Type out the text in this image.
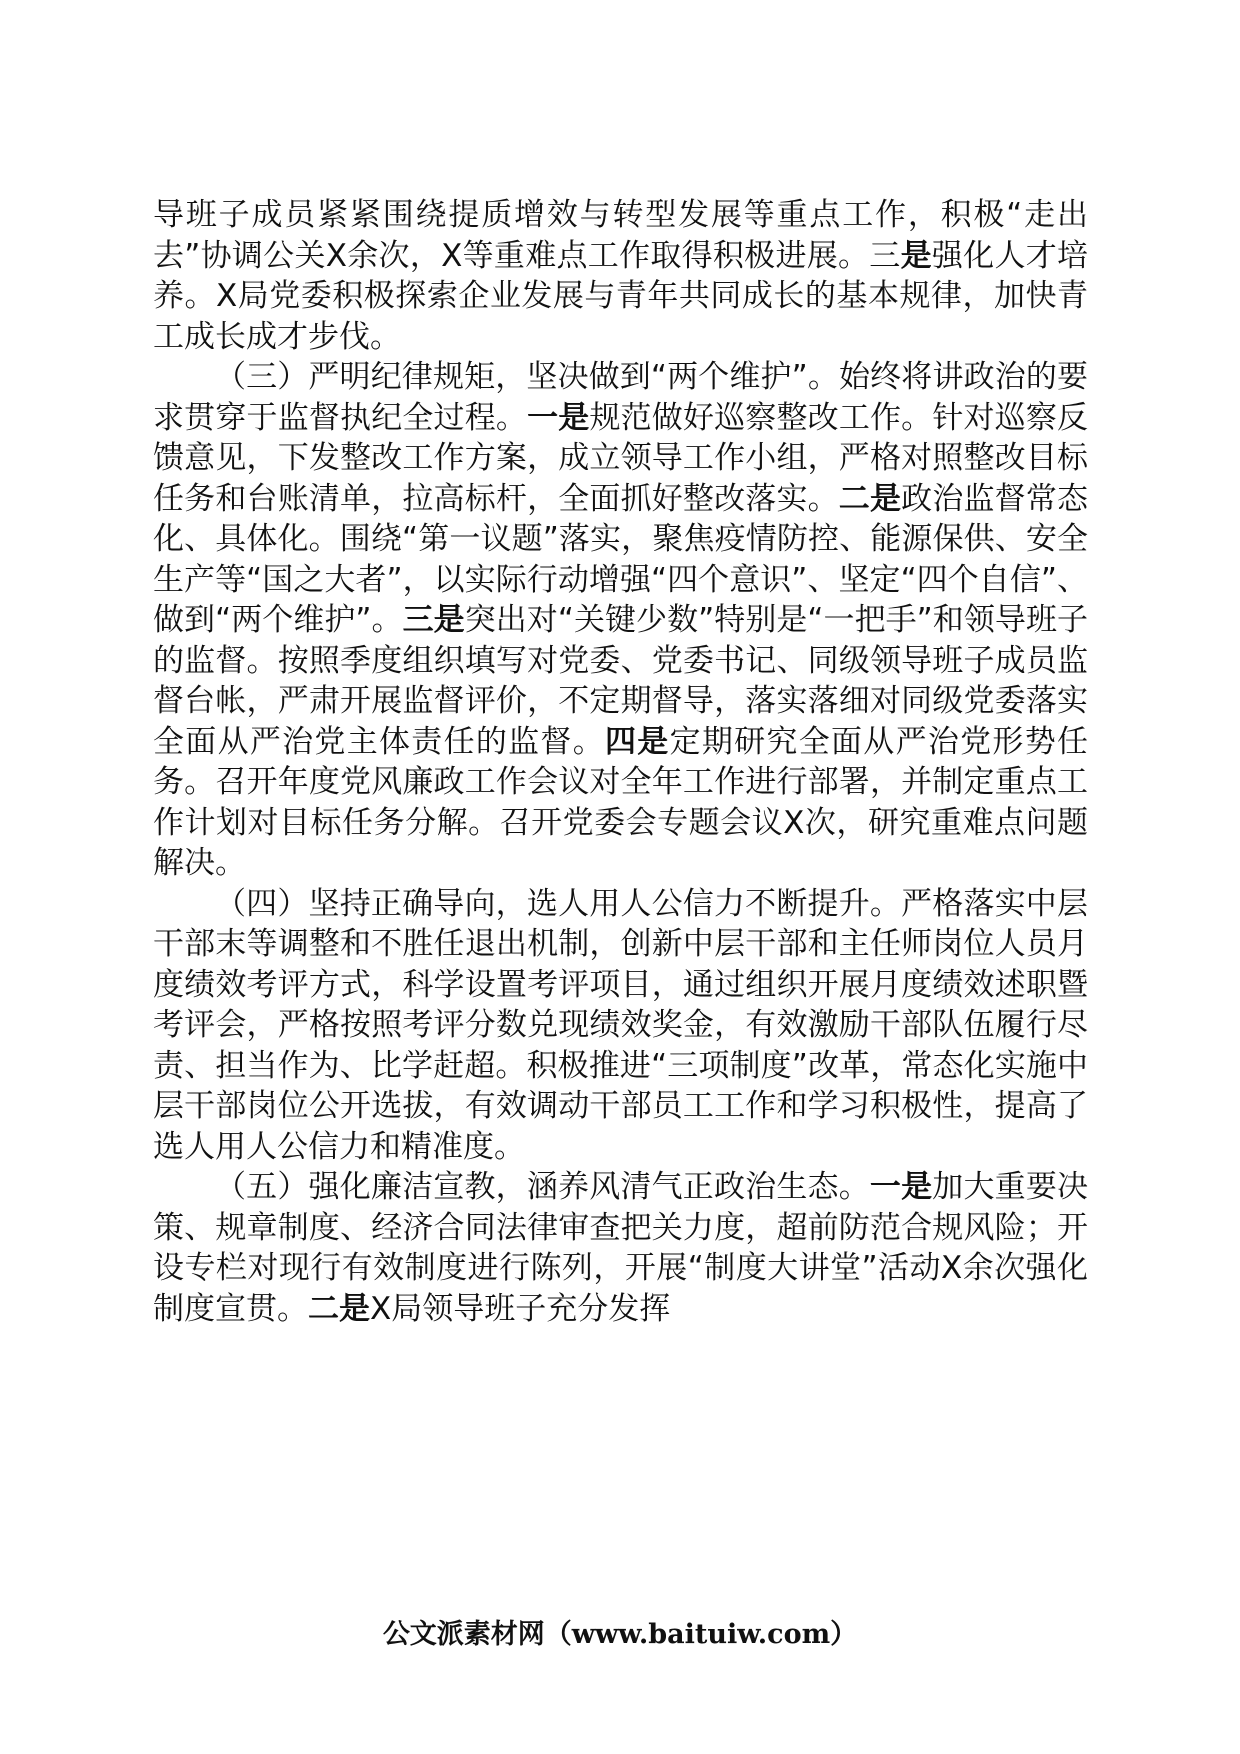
导班子成员紧紧围绕提质增效与转型发展等重点工作，积极“走出去”协调公关X余次，X等重难点工作取得积极进展。三是强化人才培养。X局党委积极探索企业发展与青年共同成长的基本规律，加快青工成长成才步伐。

（三）严明纪律规矩，坚决做到“两个维护”。始终将讲政治的要求贯穿于监督执纪全过程。一是规范做好巡察整改工作。针对巡察反馈意见，下发整改工作方案，成立领导工作小组，严格对照整改目标任务和台账清单，拉高标杆，全面抓好整改落实。二是政治监督常态化、具体化。围绕“第一议题”落实，聚焦疫情防控、能源保供、安全生产等“国之大者”，以实际行动增强“四个意识”、坚定“四个自信”、做到“两个维护”。三是突出对“关键少数”特别是“一把手”和领导班子的监督。按照季度组织填写对党委、党委书记、同级领导班子成员监督台帐，严肃开展监督评价，不定期督导，落实落细对同级党委落实全面从严治党主体责任的监督。四是定期研究全面从严治党形势任务。召开年度党风廉政工作会议对全年工作进行部署，并制定重点工作计划对目标任务分解。召开党委会专题会议X次，研究重难点问题解决。

（四）坚持正确导向，选人用人公信力不断提升。严格落实中层干部末等调整和不胜任退出机制，创新中层干部和主任师岗位人员月度绩效考评方式，科学设置考评项目，通过组织开展月度绩效述职暨考评会，严格按照考评分数兑现绩效奖金，有效激励干部队伍履行尽责、担当作为、比学赶超。积极推进“三项制度”改革，常态化实施中层干部岗位公开选拔，有效调动干部员工工作和学习积极性，提高了选人用人公信力和精准度。

（五）强化廉洁宣教，涵养风清气正政治生态。一是加大重要决策、规章制度、经济合同法律审查把关力度，超前防范合规风险；开设专栏对现行有效制度进行陈列，开展“制度大讲堂”活动X余次强化制度宣贯。二是X局领导班子充分发挥

公文派素材网（www.baituiw.com）
